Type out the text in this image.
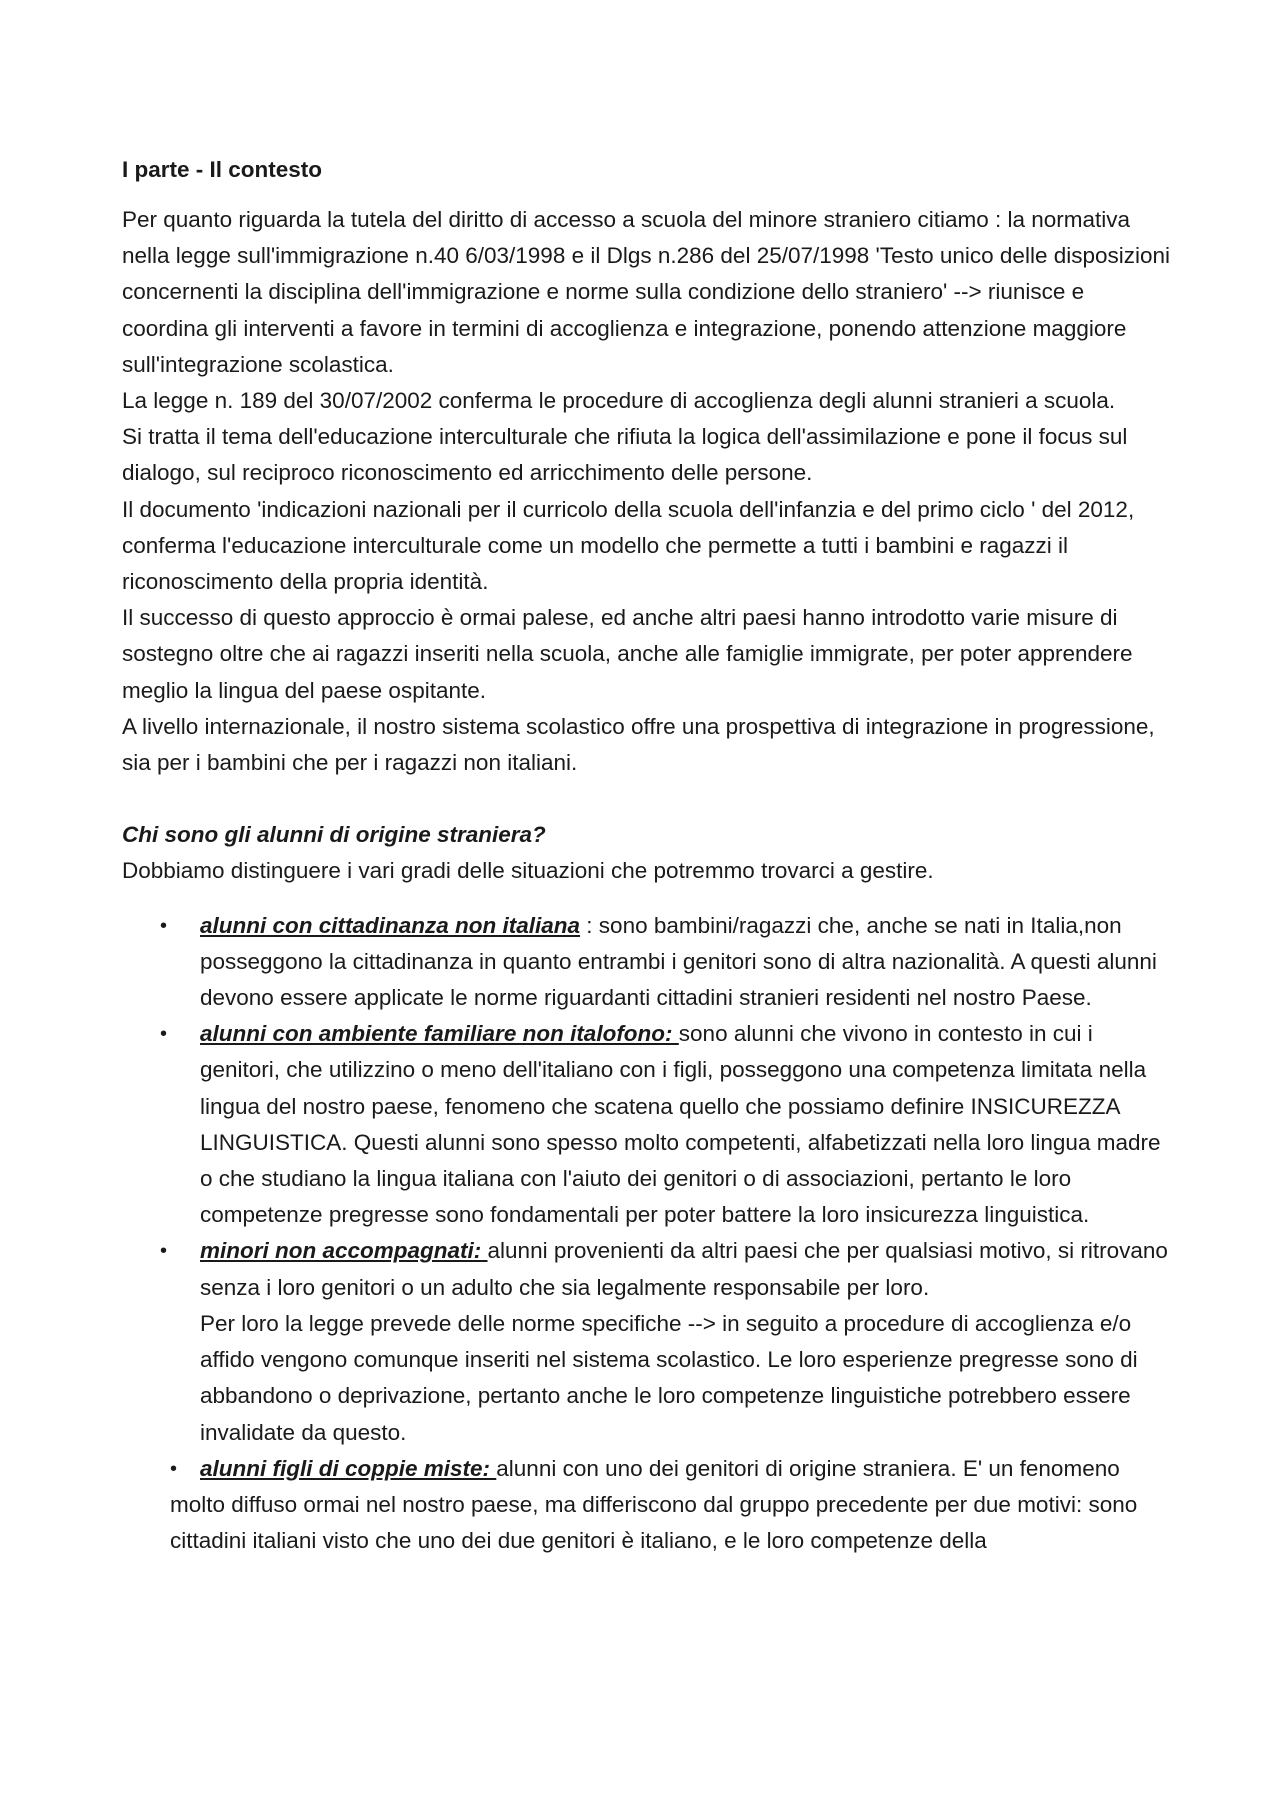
I parte - Il contesto

Per quanto riguarda la tutela del diritto di accesso a scuola del minore straniero citiamo : la normativa nella legge sull'immigrazione n.40 6/03/1998 e il Dlgs n.286 del 25/07/1998 'Testo unico delle disposizioni concernenti la disciplina dell'immigrazione e norme sulla condizione dello straniero' --> riunisce e coordina gli interventi a favore in termini di accoglienza e integrazione, ponendo attenzione maggiore sull'integrazione scolastica.

La legge n. 189 del 30/07/2002 conferma le procedure di accoglienza degli alunni stranieri a scuola.

Si tratta il tema dell'educazione interculturale che rifiuta la logica dell'assimilazione e pone il focus sul dialogo, sul reciproco riconoscimento ed arricchimento delle persone.

Il documento 'indicazioni nazionali per il curricolo della scuola dell'infanzia e del primo ciclo ' del 2012, conferma l'educazione interculturale come un modello che permette a tutti i bambini e ragazzi il riconoscimento della propria identità.

Il successo di questo approccio è ormai palese, ed anche altri paesi hanno introdotto varie misure di sostegno oltre che ai ragazzi inseriti nella scuola, anche alle famiglie immigrate, per poter apprendere meglio la lingua del paese ospitante.

A livello internazionale, il nostro sistema scolastico offre una prospettiva di integrazione in progressione, sia per i bambini che per i ragazzi non italiani.

Chi sono gli alunni di origine straniera?

Dobbiamo distinguere i vari gradi delle situazioni che potremmo trovarci a gestire.

• alunni con cittadinanza non italiana : sono bambini/ragazzi che, anche se nati in Italia,non posseggono la cittadinanza in quanto entrambi i genitori sono di altra nazionalità. A questi alunni devono essere applicate le norme riguardanti cittadini stranieri residenti nel nostro Paese.
• alunni con ambiente familiare non italofono: sono alunni che vivono in contesto in cui i genitori, che utilizzino o meno dell'italiano con i figli, posseggono una competenza limitata nella lingua del nostro paese, fenomeno che scatena quello che possiamo definire INSICUREZZA LINGUISTICA. Questi alunni sono spesso molto competenti, alfabetizzati nella loro lingua madre o che studiano la lingua italiana con l'aiuto dei genitori o di associazioni, pertanto le loro competenze pregresse sono fondamentali per poter battere la loro insicurezza linguistica.
• minori non accompagnati: alunni provenienti da altri paesi che per qualsiasi motivo, si ritrovano senza i loro genitori o un adulto che sia legalmente responsabile per loro.
Per loro la legge prevede delle norme specifiche --> in seguito a procedure di accoglienza e/o affido vengono comunque inseriti nel sistema scolastico. Le loro esperienze pregresse sono di abbandono o deprivazione, pertanto anche le loro competenze linguistiche potrebbero essere invalidate da questo.
• alunni figli di coppie miste: alunni con uno dei genitori di origine straniera. E' un fenomeno
molto diffuso ormai nel nostro paese, ma differiscono dal gruppo precedente per due motivi: sono cittadini italiani visto che uno dei due genitori è italiano, e le loro competenze della
